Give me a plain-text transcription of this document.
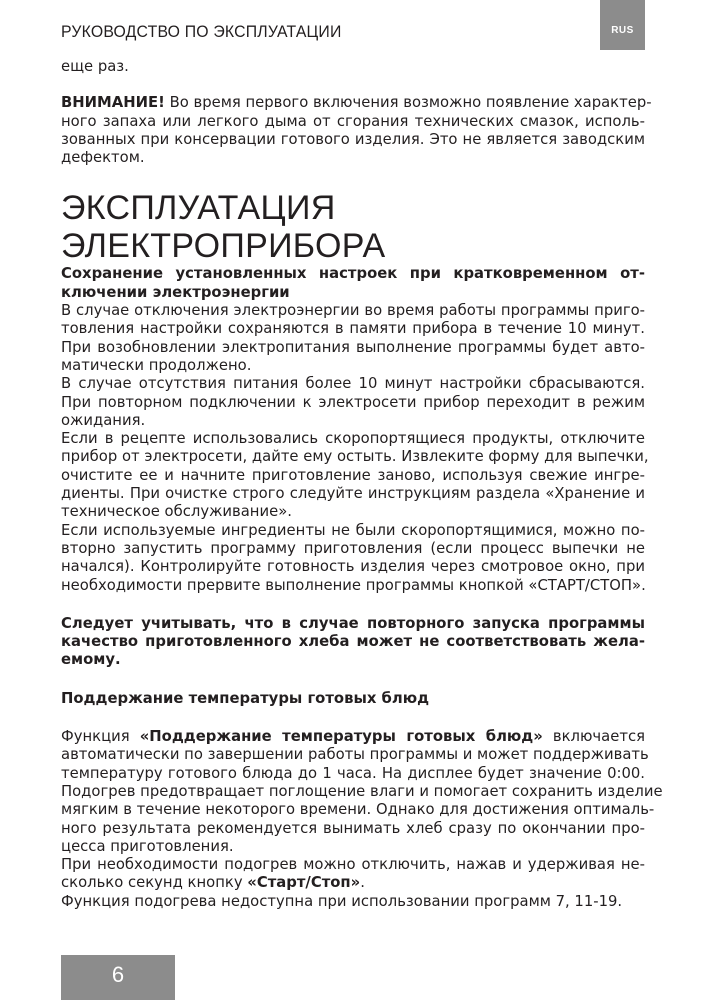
РУКОВОДСТВО ПО ЭКСПЛУАТАЦИИ	RUS

еще раз.

ВНИМАНИЕ! Во время первого включения возможно появление характер-
ного запаха или легкого дыма от сгорания технических смазок, исполь-
зованных при консервации готового изделия. Это не является заводским
дефектом.

ЭКСПЛУАТАЦИЯ ЭЛЕКТРОПРИБОРА

Сохранение установленных настроек при кратковременном от-
ключении электроэнергии

В случае отключения электроэнергии во время работы программы приго-
товления настройки сохраняются в памяти прибора в течение 10 минут.
При возобновлении электропитания выполнение программы будет авто-
матически продолжено.
В случае отсутствия питания более 10 минут настройки сбрасываются.
При повторном подключении к электросети прибор переходит в режим
ожидания.
Если в рецепте использовались скоропортящиеся продукты, отключите
прибор от электросети, дайте ему остыть. Извлеките форму для выпечки,
очистите ее и начните приготовление заново, используя свежие ингре-
диенты. При очистке строго следуйте инструкциям раздела «Хранение и
техническое обслуживание».
Если используемые ингредиенты не были скоропортящимися, можно по-
вторно запустить программу приготовления (если процесс выпечки не
начался). Контролируйте готовность изделия через смотровое окно, при
необходимости прервите выполнение программы кнопкой «СТАРТ/СТОП».

Следует учитывать, что в случае повторного запуска программы
качество приготовленного хлеба может не соответствовать жела-
емому.

Поддержание температуры готовых блюд

Функция «Поддержание температуры готовых блюд» включается
автоматически по завершении работы программы и может поддерживать
температуру готового блюда до 1 часа. На дисплее будет значение 0:00.
Подогрев предотвращает поглощение влаги и помогает сохранить изделие
мягким в течение некоторого времени. Однако для достижения оптималь-
ного результата рекомендуется вынимать хлеб сразу по окончании про-
цесса приготовления.
При необходимости подогрев можно отключить, нажав и удерживая не-
сколько секунд кнопку «Старт/Стоп».
Функция подогрева недоступна при использовании программ 7, 11-19.

6
